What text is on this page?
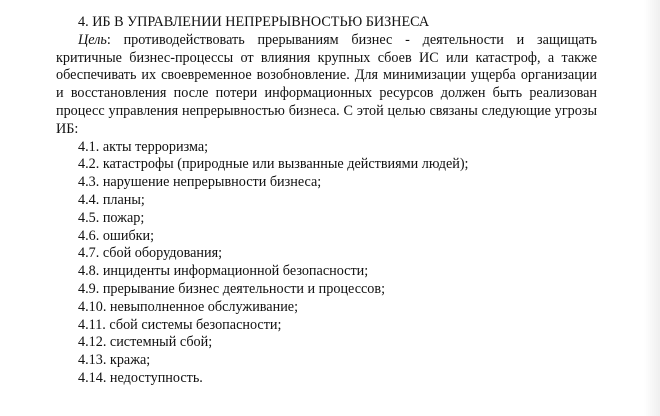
4. ИБ В УПРАВЛЕНИИ НЕПРЕРЫВНОСТЬЮ БИЗНЕСА

Цель: противодействовать прерываниям бизнес - деятельности и защищать критичные бизнес-процессы от влияния крупных сбоев ИС или катастроф, а также обеспечивать их своевременное возобновление. Для минимизации ущерба организации и восстановления после потери информационных ресурсов должен быть реализован процесс управления непрерывностью бизнеса. С этой целью связаны следующие угрозы ИБ:

4.1. акты терроризма;
4.2. катастрофы (природные или вызванные действиями людей);
4.3. нарушение непрерывности бизнеса;
4.4. планы;
4.5. пожар;
4.6. ошибки;
4.7. сбой оборудования;
4.8. инциденты информационной безопасности;
4.9. прерывание бизнес деятельности и процессов;
4.10. невыполненное обслуживание;
4.11. сбой системы безопасности;
4.12. системный сбой;
4.13. кража;
4.14. недоступность.
